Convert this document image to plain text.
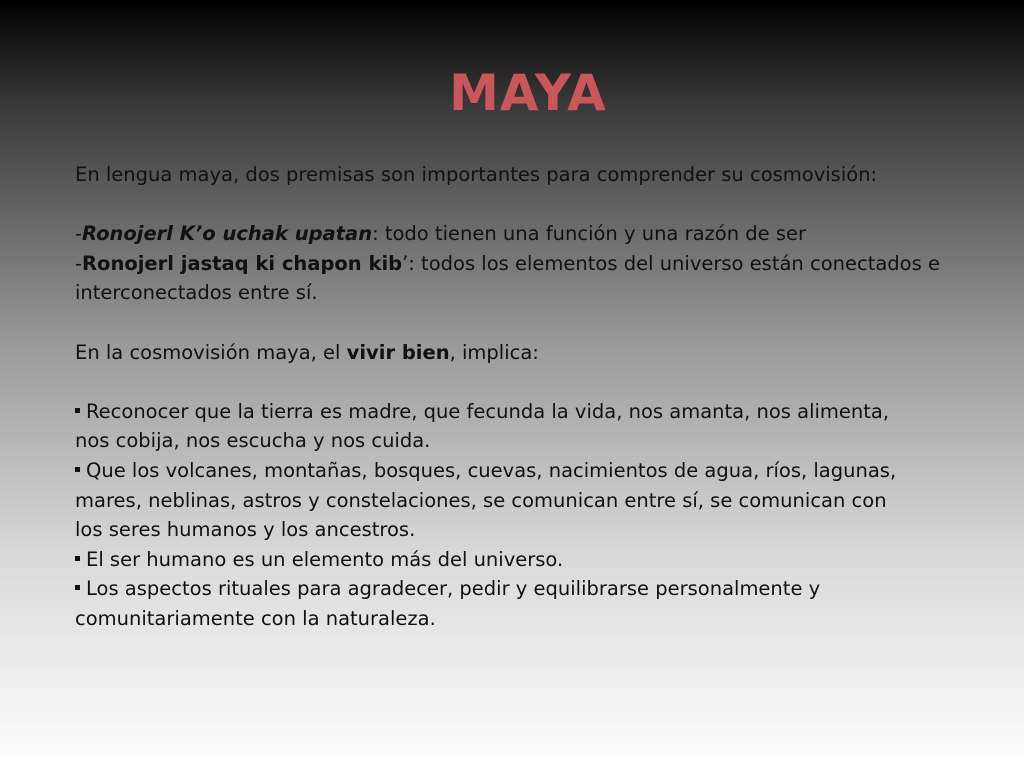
MAYA
En lengua maya, dos premisas son importantes para comprender su cosmovisión:
-Ronojerl K’o uchak upatan: todo tienen una función y una razón de ser
-Ronojerl jastaq ki chapon kib’: todos los elementos del universo están conectados e
interconectados entre sí.
En la cosmovisión maya, el vivir bien, implica:
Reconocer que la tierra es madre, que fecunda la vida, nos amanta, nos alimenta,
nos cobija, nos escucha y nos cuida.
Que los volcanes, montañas, bosques, cuevas, nacimientos de agua, ríos, lagunas,
mares, neblinas, astros y constelaciones, se comunican entre sí, se comunican con
los seres humanos y los ancestros.
El ser humano es un elemento más del universo.
Los aspectos rituales para agradecer, pedir y equilibrarse personalmente y
comunitariamente con la naturaleza.
